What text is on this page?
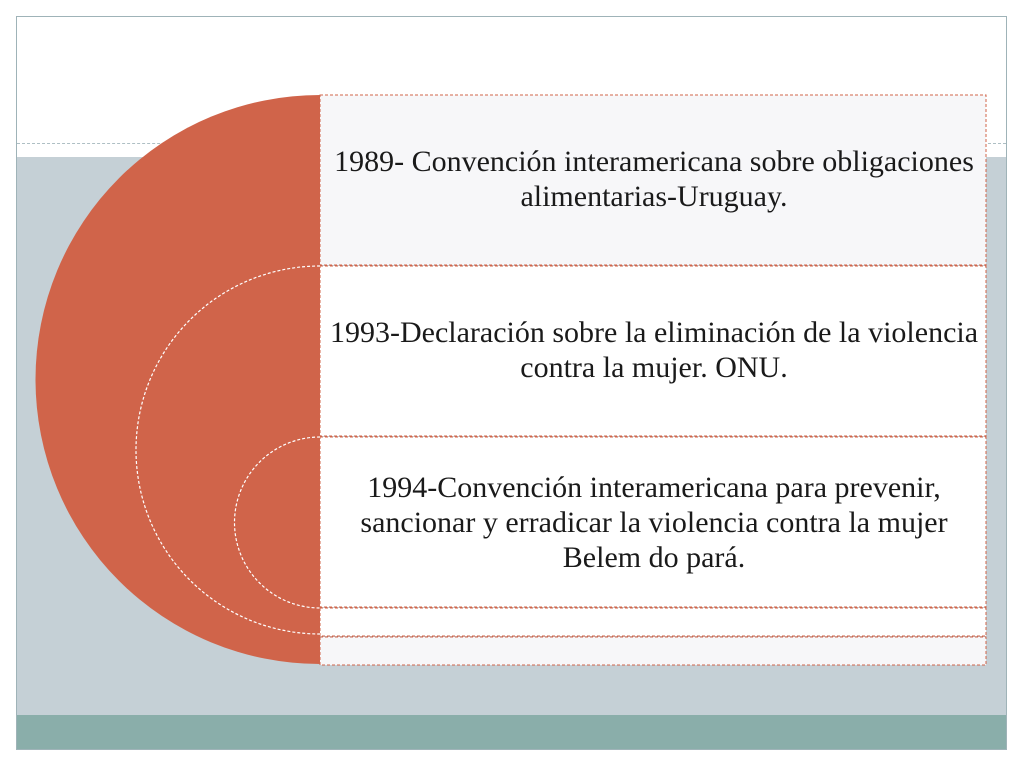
1989- Convención interamericana sobre obligaciones alimentarias-Uruguay.
1993-Declaración sobre la eliminación de la violencia contra la mujer. ONU.
1994-Convención interamericana para prevenir, sancionar y erradicar la violencia contra la mujer Belem do pará.
